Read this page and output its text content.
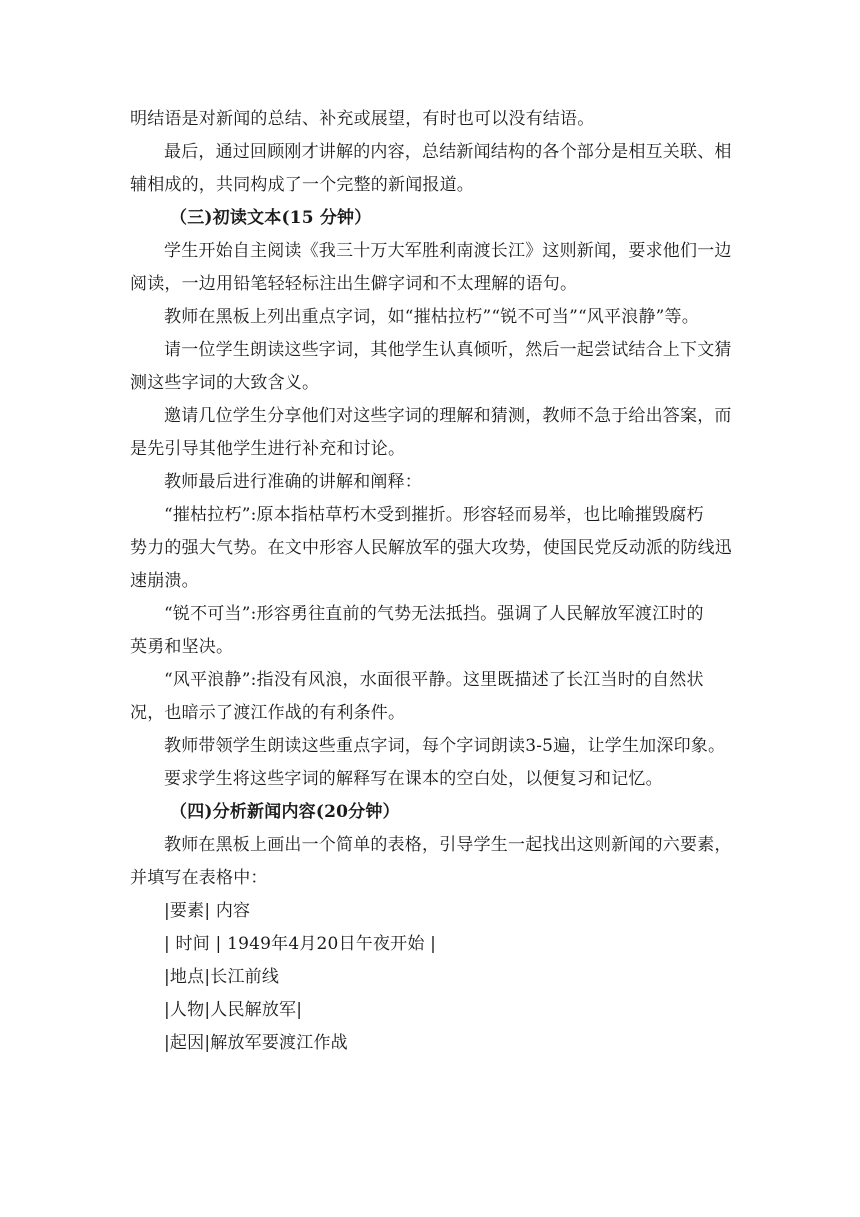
明结语是对新闻的总结、补充或展望，有时也可以没有结语。
最后，通过回顾刚才讲解的内容，总结新闻结构的各个部分是相互关联、相
辅相成的，共同构成了一个完整的新闻报道。
（三)初读文本(15 分钟）
学生开始自主阅读《我三十万大军胜利南渡长江》这则新闻，要求他们一边
阅读，一边用铅笔轻轻标注出生僻字词和不太理解的语句。
教师在黑板上列出重点字词，如“摧枯拉朽”“锐不可当”“风平浪静”等。
请一位学生朗读这些字词，其他学生认真倾听，然后一起尝试结合上下文猜
测这些字词的大致含义。
邀请几位学生分享他们对这些字词的理解和猜测，教师不急于给出答案，而
是先引导其他学生进行补充和讨论。
教师最后进行准确的讲解和阐释：
“摧枯拉朽”:原本指枯草朽木受到摧折。形容轻而易举，也比喻摧毁腐朽
势力的强大气势。在文中形容人民解放军的强大攻势，使国民党反动派的防线迅
速崩溃。
“锐不可当”:形容勇往直前的气势无法抵挡。强调了人民解放军渡江时的
英勇和坚决。
“风平浪静”:指没有风浪，水面很平静。这里既描述了长江当时的自然状
况，也暗示了渡江作战的有利条件。
教师带领学生朗读这些重点字词，每个字词朗读3-5遍，让学生加深印象。
要求学生将这些字词的解释写在课本的空白处，以便复习和记忆。
（四)分析新闻内容(20分钟）
教师在黑板上画出一个简单的表格，引导学生一起找出这则新闻的六要素，
并填写在表格中：
|要素| 内容
| 时间 | 1949年4月20日午夜开始 |
|地点|长江前线
|人物|人民解放军|
|起因|解放军要渡江作战
